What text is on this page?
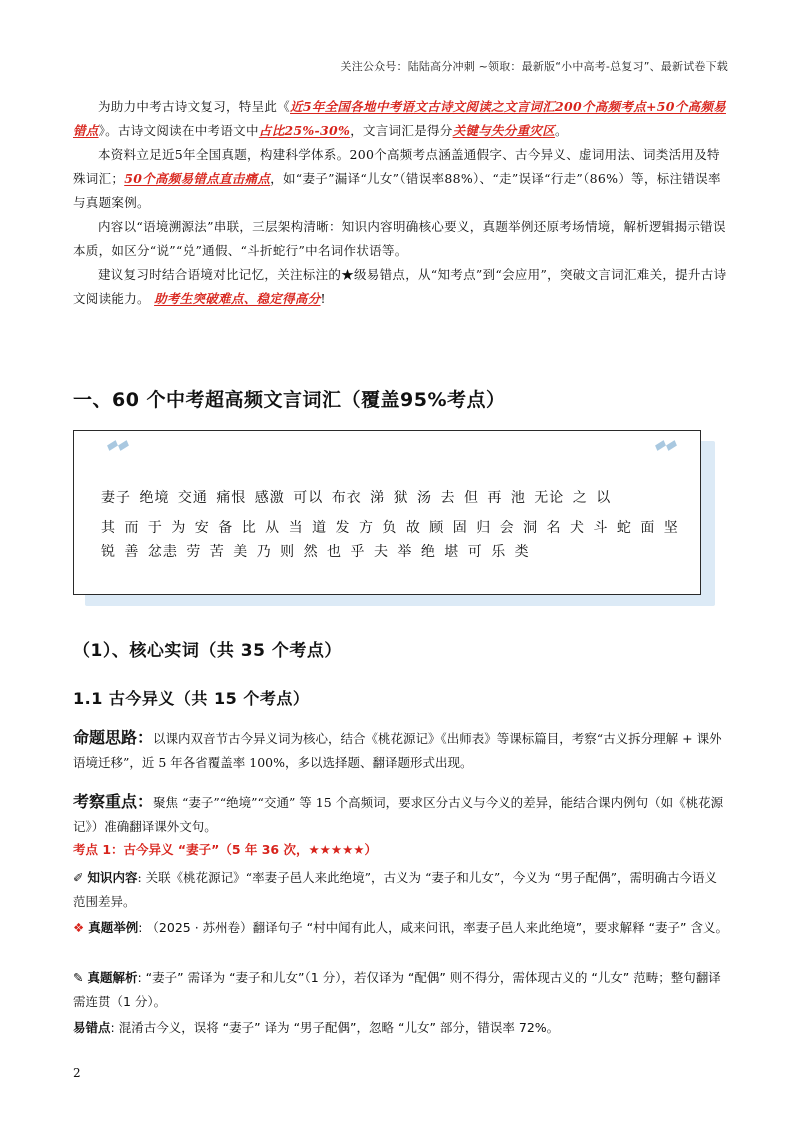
关注公众号：陆陆高分冲刺 ~领取：最新版“小中高考-总复习”、最新试卷下载

为助力中考古诗文复习，特呈此《近5年全国各地中考语文古诗文阅读之文言词汇200个高频考点+50个高频易错点》。古诗文阅读在中考语文中占比25%-30%，文言词汇是得分关键与失分重灾区。

本资料立足近5年全国真题，构建科学体系。200个高频考点涵盖通假字、古今异义、虚词用法、词类活用及特殊词汇；50个高频易错点直击痛点，如“妻子”漏译“儿女”（错误率88%）、“走”误译“行走”（86%）等，标注错误率与真题案例。

内容以“语境溯源法”串联，三层架构清晰：知识内容明确核心要义，真题举例还原考场情境，解析逻辑揭示错误本质，如区分“说”“兑”通假、“斗折蛇行”中名词作状语等。

建议复习时结合语境对比记忆，关注标注的★级易错点，从“知考点”到“会应用”，突破文言词汇难关，提升古诗文阅读能力。 助考生突破难点、稳定得高分!

一、60 个中考超高频文言词汇（覆盖95%考点）
妻子 绝境 交通 痛恨 感激 可以 布衣 涕 狱 汤 去 但 再 池 无论 之 以
其 而 于 为 安 备 比 从 当 道 发 方 负 故 顾 固 归 会 洞 名 犬 斗 蛇 面 坚
锐 善 忿恚 劳 苦 美 乃 则 然 也 乎 夫 举 绝 堪 可 乐 类
（1）、核心实词（共 35 个考点）
1.1 古今异义（共 15 个考点）
命题思路：以课内双音节古今异义词为核心，结合《桃花源记》《出师表》等课标篇目，考察“古义拆分理解 + 课外语境迁移”，近 5 年各省覆盖率 100%，多以选择题、翻译题形式出现。
考察重点：聚焦 “妻子”“绝境”“交通” 等 15 个高频词，要求区分古义与今义的差异，能结合课内例句（如《桃花源记》）准确翻译课外文句。
考点 1：古今异义 “妻子”（5 年 36 次，★★★★★）
✐ 知识内容: 关联《桃花源记》“率妻子邑人来此绝境”，古义为 “妻子和儿女”，今义为 “男子配偶”，需明确古今语义范围差异。
❖ 真题举例: （2025 · 苏州卷）翻译句子 “村中闻有此人，咸来问讯，率妻子邑人来此绝境”，要求解释 “妻子” 含义。
✎ 真题解析: “妻子” 需译为 “妻子和儿女”（1 分），若仅译为 “配偶” 则不得分，需体现古义的 “儿女” 范畴；整句翻译需连贯（1 分）。
易错点: 混淆古今义，误将 “妻子” 译为 “男子配偶”，忽略 “儿女” 部分，错误率 72%。
2
